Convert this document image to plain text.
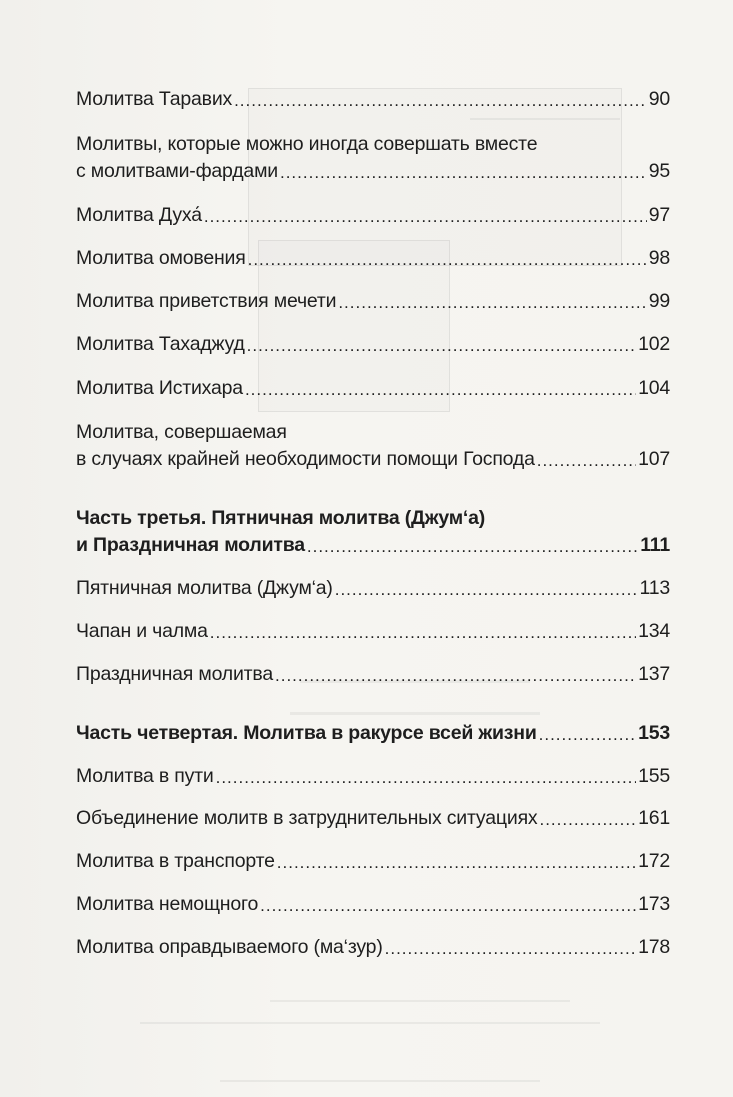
Молитва Таравих .....	90
Молитвы, которые можно иногда совершать вместе
с молитвами-фардами .....	95
Молитва Духа́ .....	97
Молитва омовения .....	98
Молитва приветствия мечети .....	99
Молитва Тахаджуд .....	102
Молитва Истихара .....	104
Молитва, совершаемая
в случаях крайней необходимости помощи Господа .....	107
Часть третья. Пятничная молитва (Джум‘а)
и Праздничная молитва .....	111
Пятничная молитва (Джум‘а) .....	113
Чапан и чалма .....	134
Праздничная молитва .....	137
Часть четвертая. Молитва в ракурсе всей жизни .....	153
Молитва в пути .....	155
Объединение молитв в затруднительных ситуациях .....	161
Молитва в транспорте .....	172
Молитва немощного .....	173
Молитва оправдываемого (ма‘зур) .....	178
